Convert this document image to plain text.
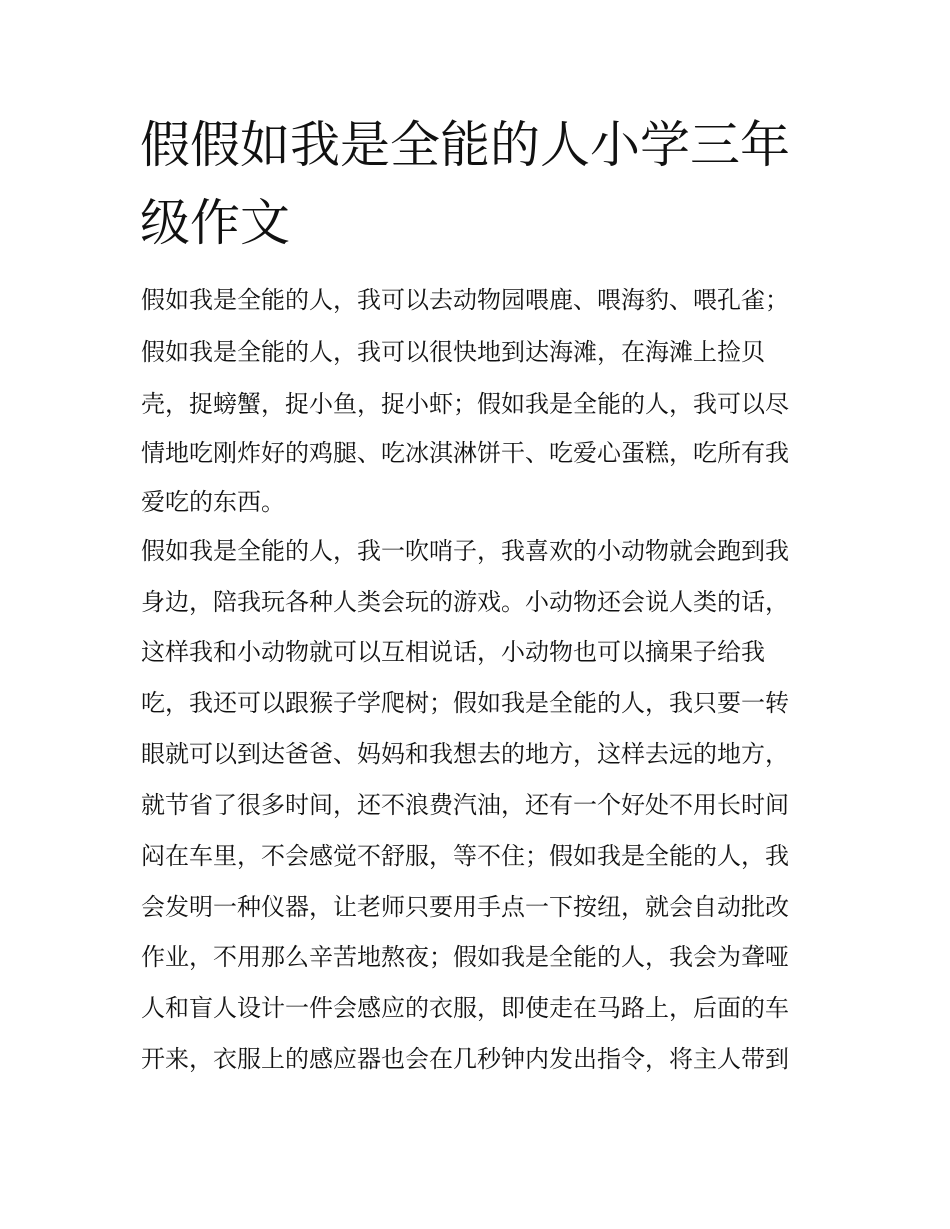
假假如我是全能的人小学三年
级作文
假如我是全能的人，我可以去动物园喂鹿、喂海豹、喂孔雀；
假如我是全能的人，我可以很快地到达海滩，在海滩上捡贝
壳，捉螃蟹，捉小鱼，捉小虾；假如我是全能的人，我可以尽
情地吃刚炸好的鸡腿、吃冰淇淋饼干、吃爱心蛋糕，吃所有我
爱吃的东西。
假如我是全能的人，我一吹哨子，我喜欢的小动物就会跑到我
身边，陪我玩各种人类会玩的游戏。小动物还会说人类的话，
这样我和小动物就可以互相说话，小动物也可以摘果子给我
吃，我还可以跟猴子学爬树；假如我是全能的人，我只要一转
眼就可以到达爸爸、妈妈和我想去的地方，这样去远的地方，
就节省了很多时间，还不浪费汽油，还有一个好处不用长时间
闷在车里，不会感觉不舒服，等不住；假如我是全能的人，我
会发明一种仪器，让老师只要用手点一下按纽，就会自动批改
作业，不用那么辛苦地熬夜；假如我是全能的人，我会为聋哑
人和盲人设计一件会感应的衣服，即使走在马路上，后面的车
开来，衣服上的感应器也会在几秒钟内发出指令，将主人带到
